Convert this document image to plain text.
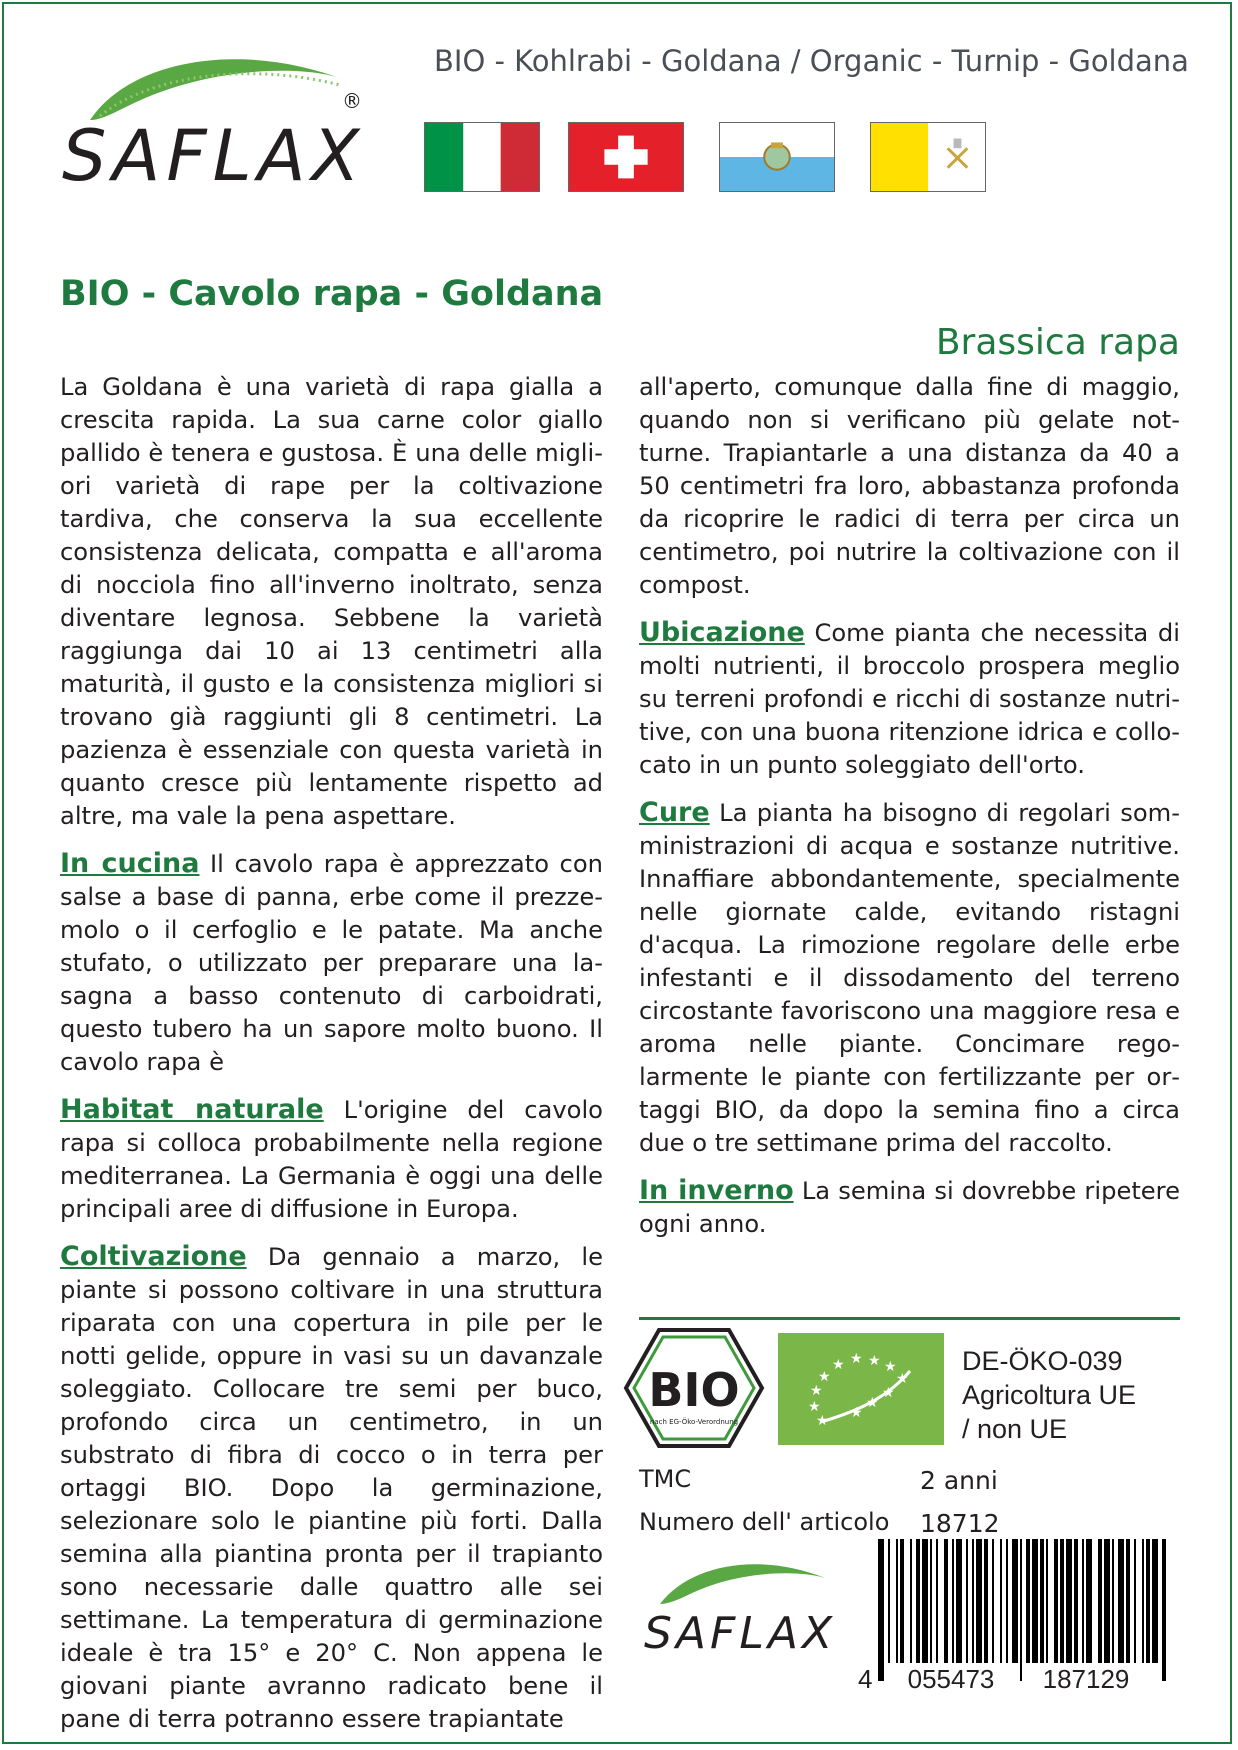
SAFLAX
®
BIO - Kohlrabi - Goldana / Organic - Turnip - Goldana
BIO - Cavolo rapa - Goldana
Brassica rapa

La Goldana è una varietà di rapa gialla a crescita rapida. La sua carne color giallo pallido è tenera e gustosa. È una delle migliori varietà di rape per la coltivazione tardiva, che conserva la sua eccellente consistenza delicata, compatta e all'aroma di nocciola fino all'inverno inoltrato, senza diventare legnosa. Sebbene la varietà raggiunga dai 10 ai 13 centimetri alla maturità, il gusto e la consistenza migliori si trovano già raggiunti gli 8 centimetri. La pazienza è essenziale con questa varietà in quanto cresce più lentamente rispetto ad altre, ma vale la pena aspettare.

In cucina Il cavolo rapa è apprezzato con salse a base di panna, erbe come il prezzemolo o il cerfoglio e le patate. Ma anche stufato, o utilizzato per preparare una lasagna a basso contenuto di carboidrati, questo tubero ha un sapore molto buono. Il cavolo rapa è

Habitat naturale L'origine del cavolo rapa si colloca probabilmente nella regione mediterranea. La Germania è oggi una delle principali aree di diffusione in Europa.

Coltivazione Da gennaio a marzo, le piante si possono coltivare in una struttura riparata con una copertura in pile per le notti gelide, oppure in vasi su un davanzale soleggiato. Collocare tre semi per buco, profondo circa un centimetro, in un substrato di fibra di cocco o in terra per ortaggi BIO. Dopo la germinazione, selezionare solo le piantine più forti. Dalla semina alla piantina pronta per il trapianto sono necessarie dalle quattro alle sei settimane. La temperatura di germinazione ideale è tra 15° e 20° C. Non appena le giovani piante avranno radicato bene il pane di terra potranno essere trapiantate

all'aperto, comunque dalla fine di maggio, quando non si verificano più gelate notturne. Trapiantarle a una distanza da 40 a 50 centimetri fra loro, abbastanza profonda da ricoprire le radici di terra per circa un centimetro, poi nutrire la coltivazione con il compost.

Ubicazione Come pianta che necessita di molti nutrienti, il broccolo prospera meglio su terreni profondi e ricchi di sostanze nutritive, con una buona ritenzione idrica e collocato in un punto soleggiato dell'orto.

Cure La pianta ha bisogno di regolari somministrazioni di acqua e sostanze nutritive. Innaffiare abbondantemente, specialmente nelle giornate calde, evitando ristagni d'acqua. La rimozione regolare delle erbe infestanti e il dissodamento del terreno circostante favoriscono una maggiore resa e aroma nelle piante. Concimare regolarmente le piante con fertilizzante per ortaggi BIO, da dopo la semina fino a circa due o tre settimane prima del raccolto.

In inverno La semina si dovrebbe ripetere ogni anno.

BIO
nach EG-Öko-Verordnung
★ ★ ★
★
★
★
★
★
★
★
★
★
DE-ÖKO-039
Agricoltura UE
/ non UE
TMC	2 anni
Numero dell' articolo 18712
SAFLAX
4 055473 187129
